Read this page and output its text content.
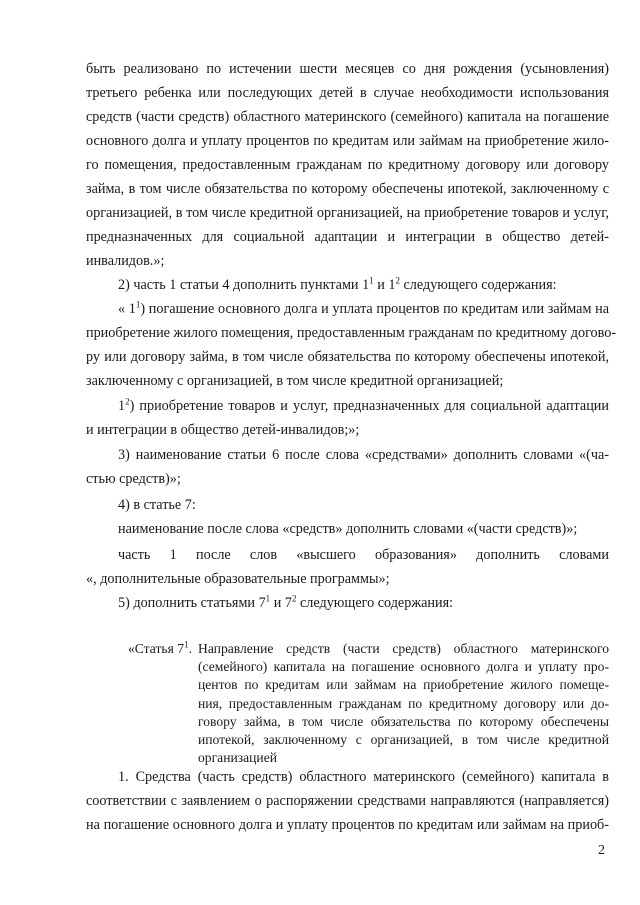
быть реализовано по истечении шести месяцев со дня рождения (усыновления)
третьего ребенка или последующих детей в случае необходимости использования
средств (части средств) областного материнского (семейного) капитала на погашение
основного долга и уплату процентов по кредитам или займам на приобретение жило-
го помещения, предоставленным гражданам по кредитному договору или договору
займа, в том числе обязательства по которому обеспечены ипотекой, заключенному с
организацией, в том числе кредитной организацией, на приобретение товаров и услуг,
предназначенных для социальной адаптации и интеграции в общество детей-
инвалидов.»;
2) часть 1 статьи 4 дополнить пунктами $1^1$ и $1^2$ следующего содержания:
« $1^1$) погашение основного долга и уплата процентов по кредитам или займам на
приобретение жилого помещения, предоставленным гражданам по кредитному догово-
ру или договору займа, в том числе обязательства по которому обеспечены ипотекой,
заключенному с организацией, в том числе кредитной организацией;
$1^2$) приобретение товаров и услуг, предназначенных для социальной адаптации
и интеграции в общество детей-инвалидов;»;
3) наименование статьи 6 после слова «средствами» дополнить словами «(ча-
стью средств)»;
4) в статье 7:
наименование после слова «средств» дополнить словами «(части средств)»;
часть 1 после слов «высшего образования» дополнить словами
«, дополнительные образовательные программы»;
5) дополнить статьями $7^1$ и $7^2$ следующего содержания:
«Статья $7^1$. Направление средств (части средств) областного материнского
(семейного) капитала на погашение основного долга и уплату про-
центов по кредитам или займам на приобретение жилого помеще-
ния, предоставленным гражданам по кредитному договору или до-
говору займа, в том числе обязательства по которому обеспечены
ипотекой, заключенному с организацией, в том числе кредитной
организацией
1. Средства (часть средств) областного материнского (семейного) капитала в
соответствии с заявлением о распоряжении средствами направляются (направляется)
на погашение основного долга и уплату процентов по кредитам или займам на приоб-
2
